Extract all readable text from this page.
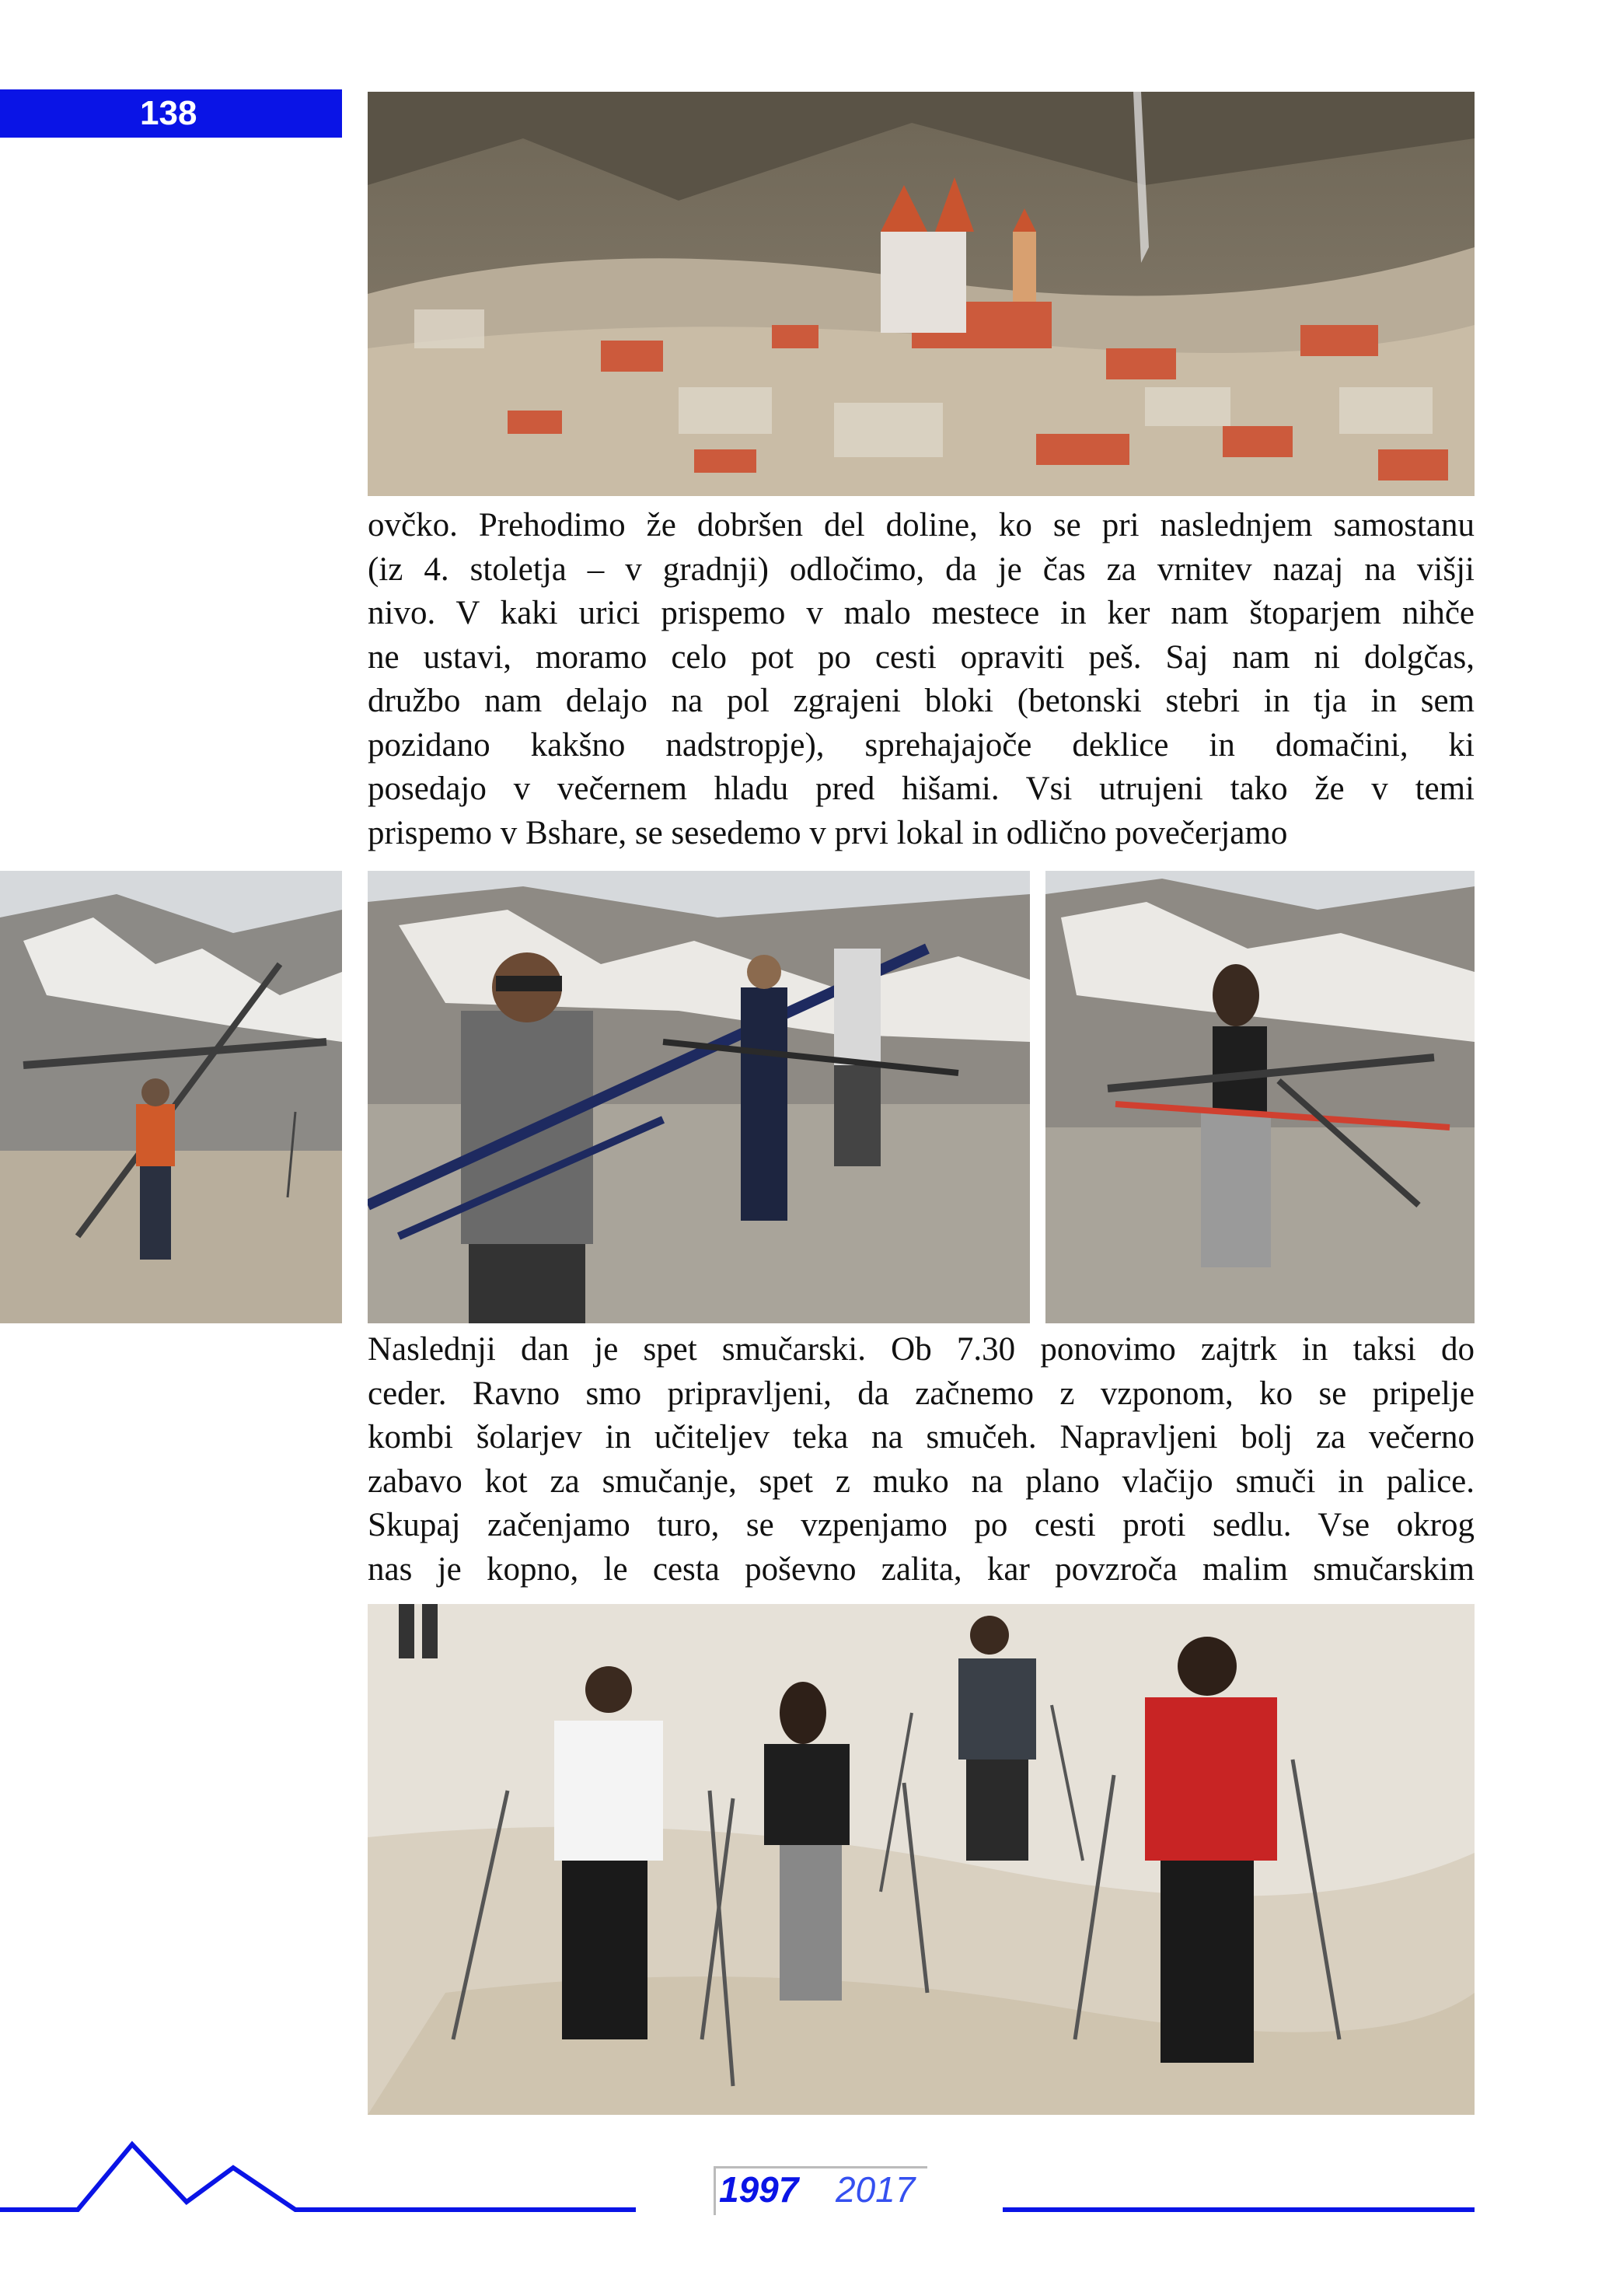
138

ovčko. Prehodimo že dobršen del doline, ko se pri naslednjem samostanu

(iz 4. stoletja – v gradnji) odločimo, da je čas za vrnitev nazaj na višji

nivo. V kaki urici prispemo v malo mestece in ker nam štoparjem nihče

ne ustavi, moramo celo pot po cesti opraviti peš. Saj nam ni dolgčas,

družbo nam delajo na pol zgrajeni bloki (betonski stebri in tja in sem

pozidano kakšno nadstropje), sprehajajoče deklice in domačini, ki

posedajo v večernem hladu pred hišami. Vsi utrujeni tako že v temi

prispemo v Bshare, se sesedemo v prvi lokal in odlično povečerjamo

Naslednji dan je spet smučarski. Ob 7.30 ponovimo zajtrk in taksi do

ceder. Ravno smo pripravljeni, da začnemo z vzponom, ko se pripelje

kombi šolarjev in učiteljev teka na smučeh. Napravljeni bolj za večerno

zabavo kot za smučanje, spet z muko na plano vlačijo smuči in palice.

Skupaj začenjamo turo, se vzpenjamo po cesti proti sedlu. Vse okrog

nas je kopno, le cesta poševno zalita, kar povzroča malim smučarskim

1997 2017
